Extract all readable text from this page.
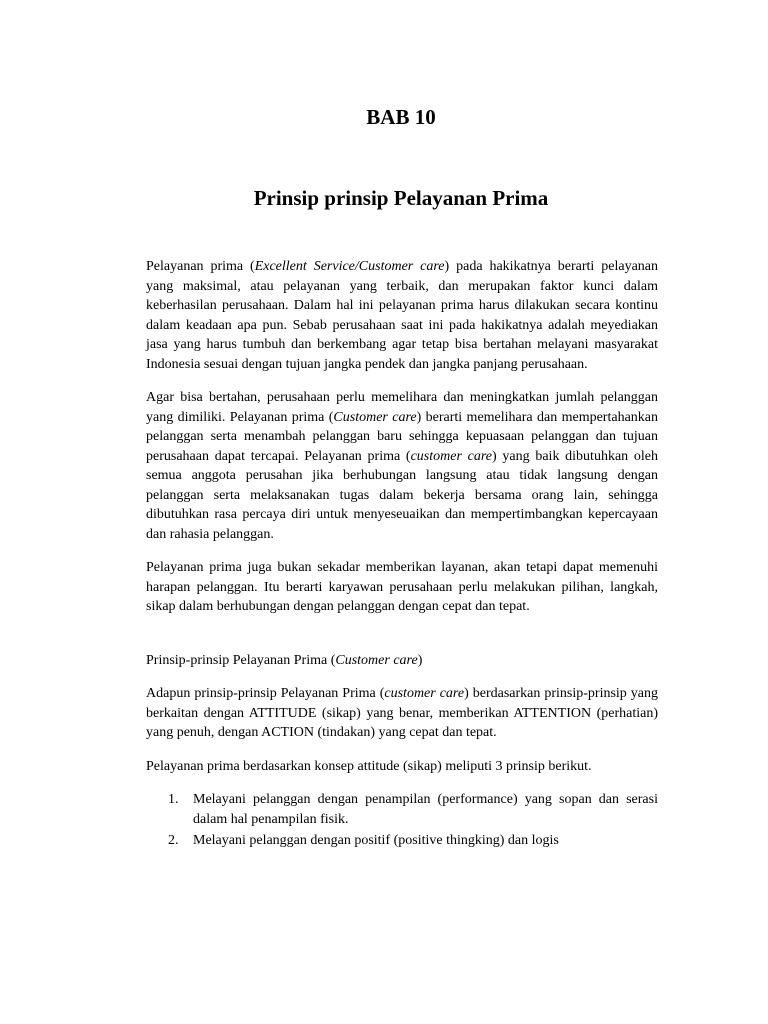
BAB 10
Prinsip prinsip Pelayanan Prima

Pelayanan prima (Excellent Service/Customer care) pada hakikatnya berarti pelayanan yang maksimal, atau pelayanan yang terbaik, dan merupakan faktor kunci dalam keberhasilan perusahaan. Dalam hal ini pelayanan prima harus dilakukan secara kontinu dalam keadaan apa pun. Sebab perusahaan saat ini pada hakikatnya adalah meyediakan jasa yang harus tumbuh dan berkembang agar tetap bisa bertahan melayani masyarakat Indonesia sesuai dengan tujuan jangka pendek dan jangka panjang perusahaan.

Agar bisa bertahan, perusahaan perlu memelihara dan meningkatkan jumlah pelanggan yang dimiliki. Pelayanan prima (Customer care) berarti memelihara dan mempertahankan pelanggan serta menambah pelanggan baru sehingga kepuasaan pelanggan dan tujuan perusahaan dapat tercapai. Pelayanan prima (customer care) yang baik dibutuhkan oleh semua anggota perusahan jika berhubungan langsung atau tidak langsung dengan pelanggan serta melaksanakan tugas dalam bekerja bersama orang lain, sehingga dibutuhkan rasa percaya diri untuk menyeseuaikan dan mempertimbangkan kepercayaan dan rahasia pelanggan.

Pelayanan prima juga bukan sekadar memberikan layanan, akan tetapi dapat memenuhi harapan pelanggan. Itu berarti karyawan perusahaan perlu melakukan pilihan, langkah, sikap dalam berhubungan dengan pelanggan dengan cepat dan tepat.

Prinsip-prinsip Pelayanan Prima (Customer care)

Adapun prinsip-prinsip Pelayanan Prima (customer care) berdasarkan prinsip-prinsip yang berkaitan dengan ATTITUDE (sikap) yang benar, memberikan ATTENTION (perhatian) yang penuh, dengan ACTION (tindakan) yang cepat dan tepat.

Pelayanan prima berdasarkan konsep attitude (sikap) meliputi 3 prinsip berikut.

1. Melayani pelanggan dengan penampilan (performance) yang sopan dan serasi dalam hal penampilan fisik.
2. Melayani pelanggan dengan positif (positive thingking) dan logis
